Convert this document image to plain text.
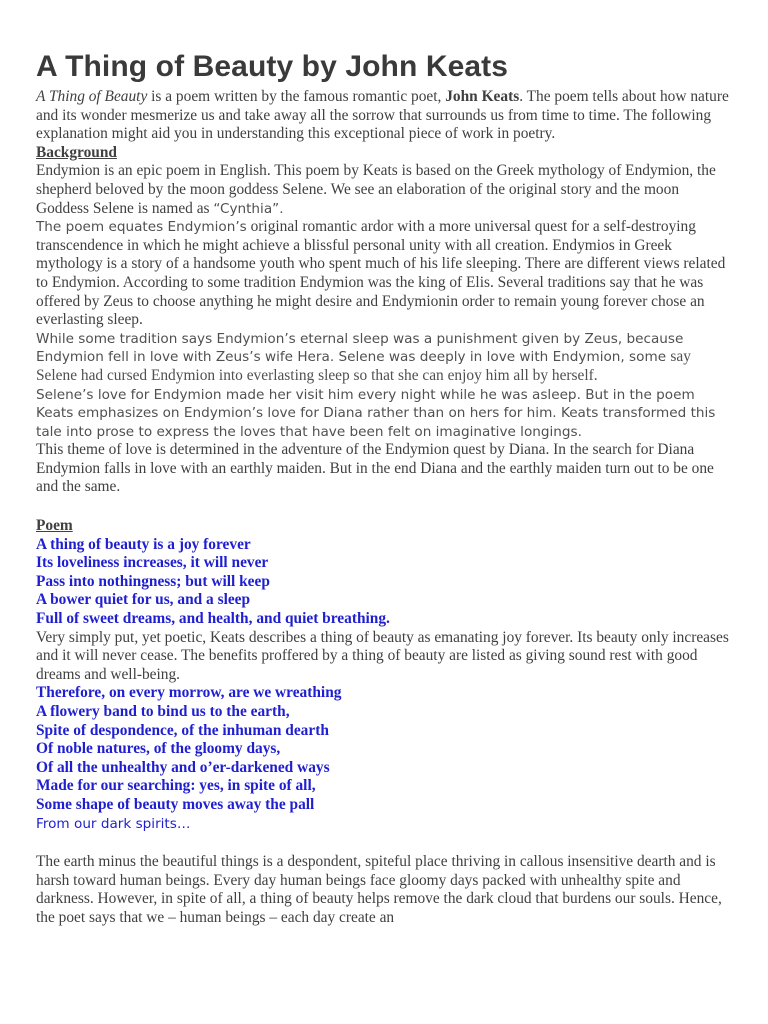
A Thing of Beauty by John Keats

A Thing of Beauty is a poem written by the famous romantic poet, John Keats. The poem tells about how nature and its wonder mesmerize us and take away all the sorrow that surrounds us from time to time. The following explanation might aid you in understanding this exceptional piece of work in poetry.

Background

Endymion is an epic poem in English. This poem by Keats is based on the Greek mythology of Endymion, the shepherd beloved by the moon goddess Selene. We see an elaboration of the original story and the moon Goddess Selene is named as “Cynthia”.

The poem equates Endymion’s original romantic ardor with a more universal quest for a self-destroying transcendence in which he might achieve a blissful personal unity with all creation. Endymios in Greek mythology is a story of a handsome youth who spent much of his life sleeping. There are different views related to Endymion. According to some tradition Endymion was the king of Elis. Several traditions say that he was offered by Zeus to choose anything he might desire and Endymionin order to remain young forever chose an everlasting sleep.

While some tradition says Endymion’s eternal sleep was a punishment given by Zeus, because Endymion fell in love with Zeus’s wife Hera. Selene was deeply in love with Endymion, some say Selene had cursed Endymion into everlasting sleep so that she can enjoy him all by herself.

Selene’s love for Endymion made her visit him every night while he was asleep. But in the poem Keats emphasizes on Endymion’s love for Diana rather than on hers for him. Keats transformed this tale into prose to express the loves that have been felt on imaginative longings.

This theme of love is determined in the adventure of the Endymion quest by Diana. In the search for Diana Endymion falls in love with an earthly maiden. But in the end Diana and the earthly maiden turn out to be one and the same.

Poem

A thing of beauty is a joy forever
Its loveliness increases, it will never
Pass into nothingness; but will keep
A bower quiet for us, and a sleep
Full of sweet dreams, and health, and quiet breathing.

Very simply put, yet poetic, Keats describes a thing of beauty as emanating joy forever. Its beauty only increases and it will never cease. The benefits proffered by a thing of beauty are listed as giving sound rest with good dreams and well-being.

Therefore, on every morrow, are we wreathing
A flowery band to bind us to the earth,
Spite of despondence, of the inhuman dearth
Of noble natures, of the gloomy days,
Of all the unhealthy and o’er-darkened ways
Made for our searching: yes, in spite of all,
Some shape of beauty moves away the pall
From our dark spirits…

The earth minus the beautiful things is a despondent, spiteful place thriving in callous insensitive dearth and is harsh toward human beings. Every day human beings face gloomy days packed with unhealthy spite and darkness. However, in spite of all, a thing of beauty helps remove the dark cloud that burdens our souls. Hence, the poet says that we – human beings – each day create an
